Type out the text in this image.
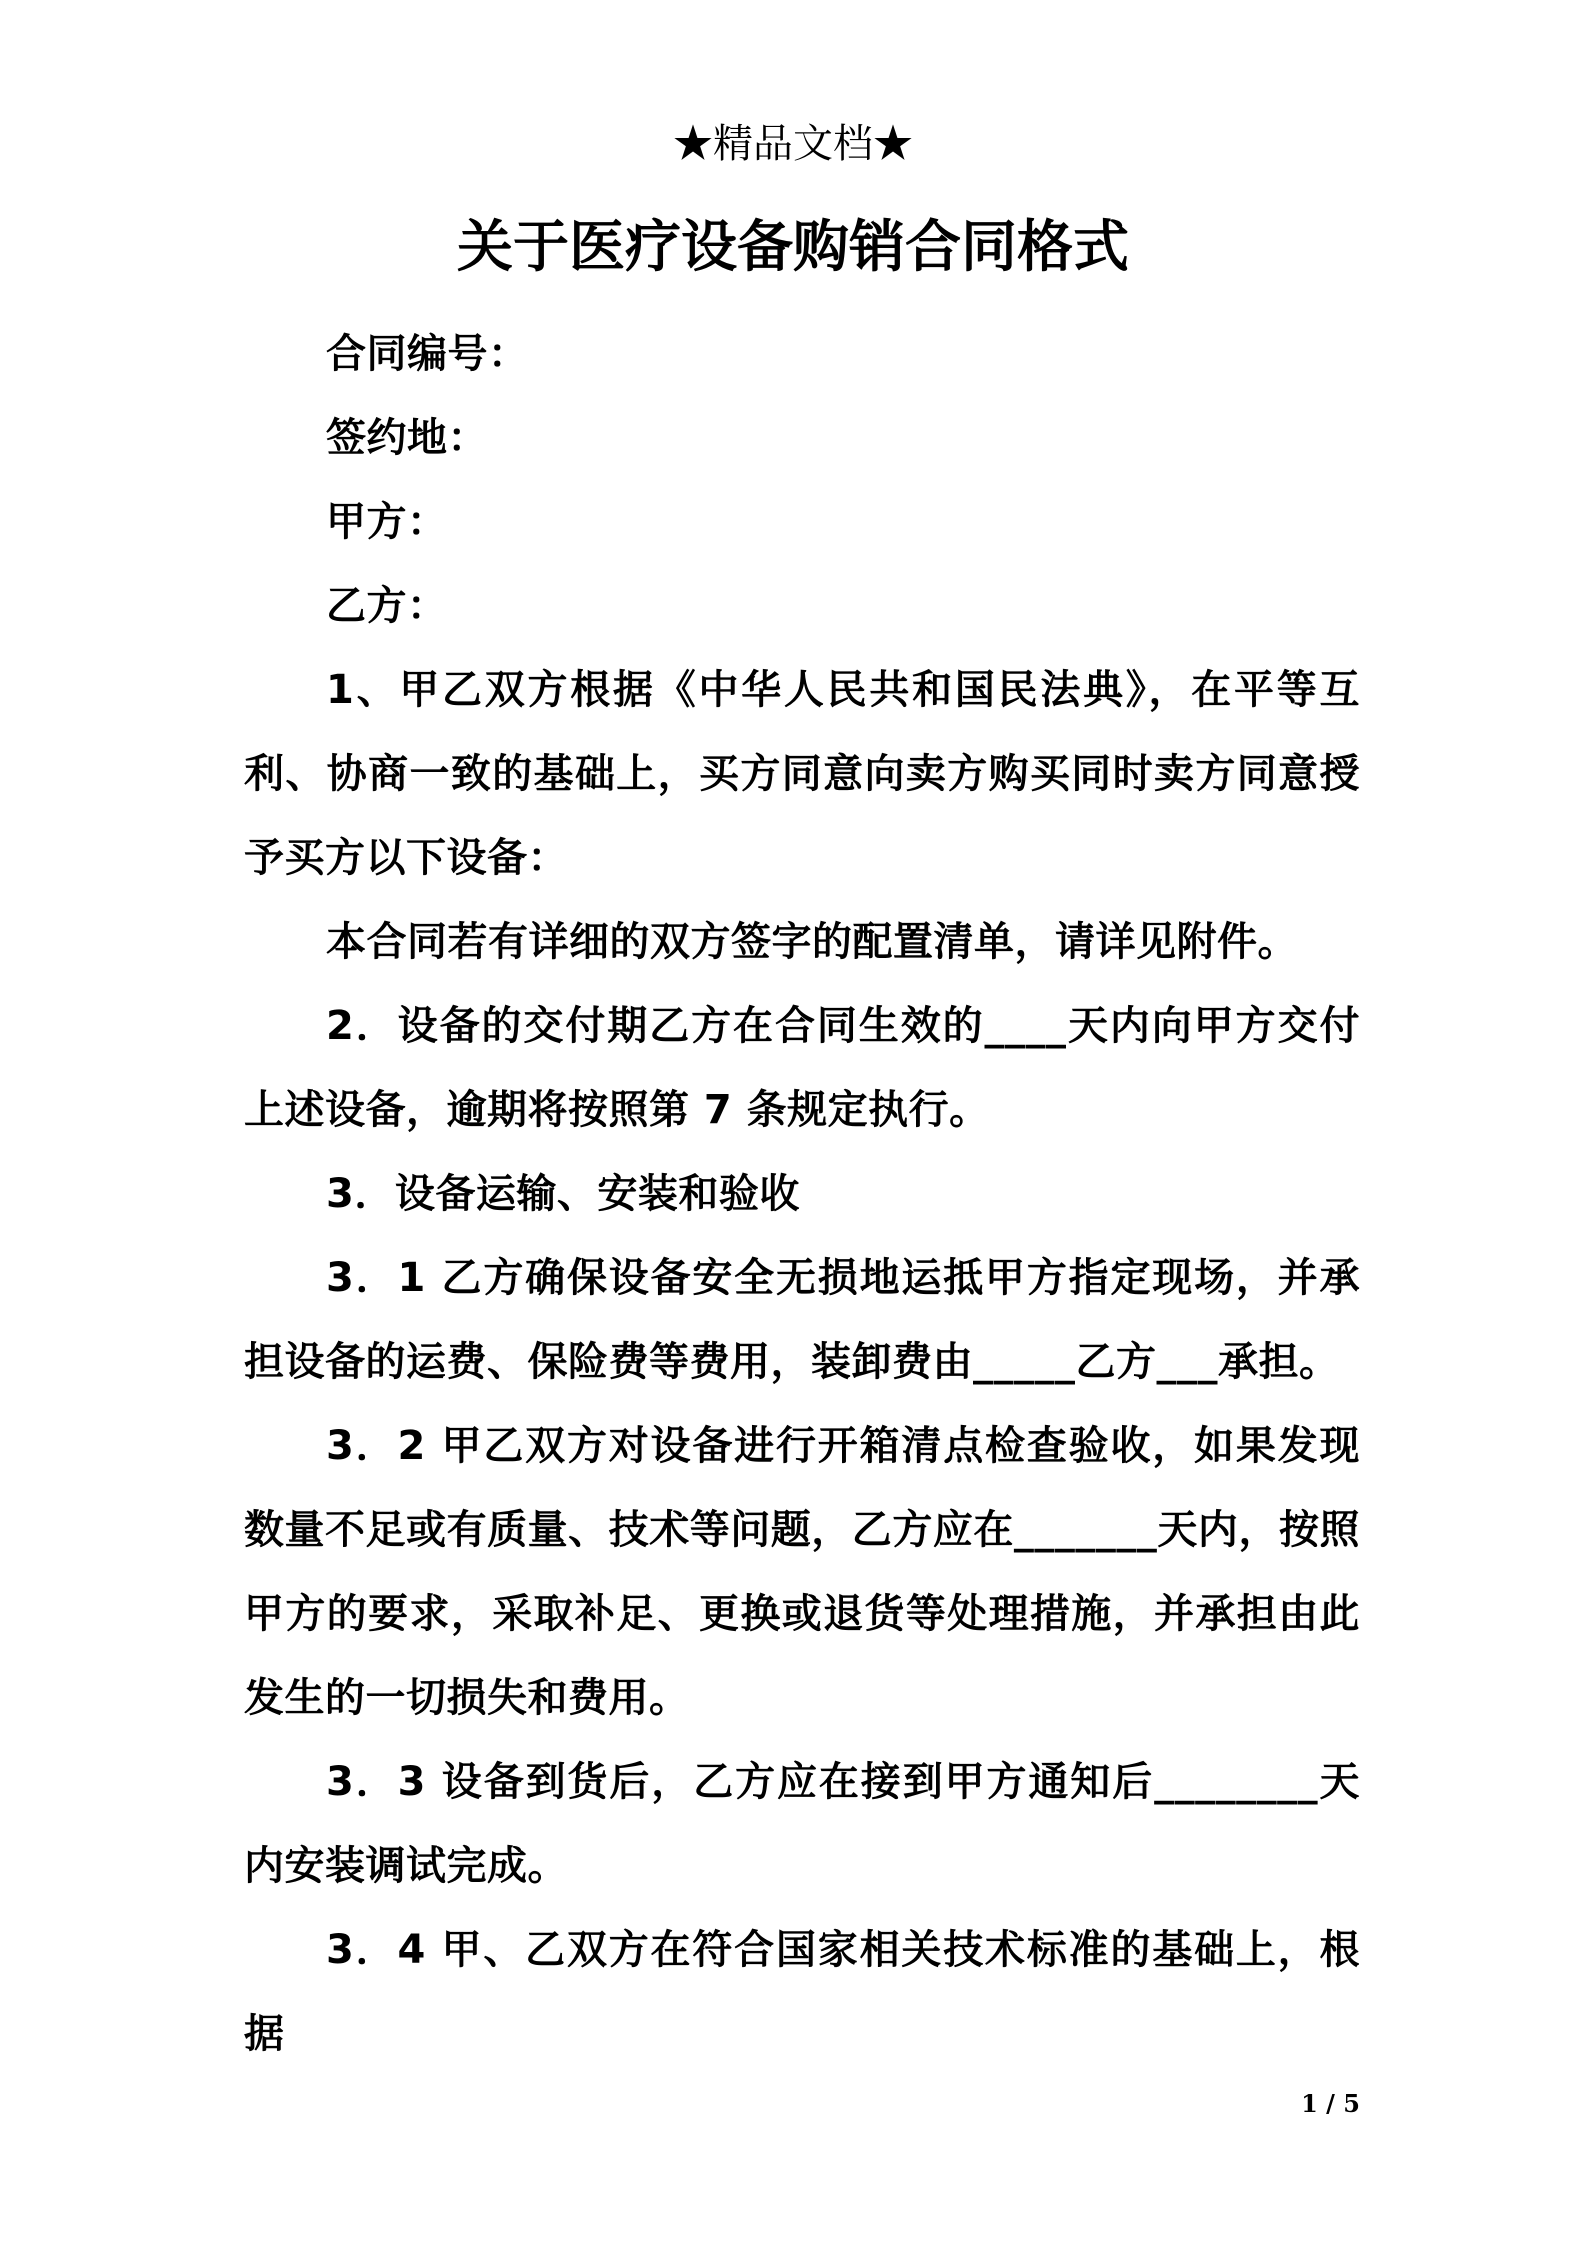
★精品文档★
关于医疗设备购销合同格式

合同编号：

签约地：

甲方：

乙方：

1、甲乙双方根据《中华人民共和国民法典》，在平等互利、协商一致的基础上，买方同意向卖方购买同时卖方同意授予买方以下设备：

本合同若有详细的双方签字的配置清单，请详见附件。

2．设备的交付期乙方在合同生效的____天内向甲方交付上述设备，逾期将按照第 7 条规定执行。

3．设备运输、安装和验收

3．1 乙方确保设备安全无损地运抵甲方指定现场，并承担设备的运费、保险费等费用，装卸费由_____乙方___承担。

3．2 甲乙双方对设备进行开箱清点检查验收，如果发现数量不足或有质量、技术等问题，乙方应在_______天内，按照甲方的要求，采取补足、更换或退货等处理措施，并承担由此发生的一切损失和费用。

3．3 设备到货后，乙方应在接到甲方通知后________天内安装调试完成。

3．4 甲、乙双方在符合国家相关技术标准的基础上，根据

1 / 5
